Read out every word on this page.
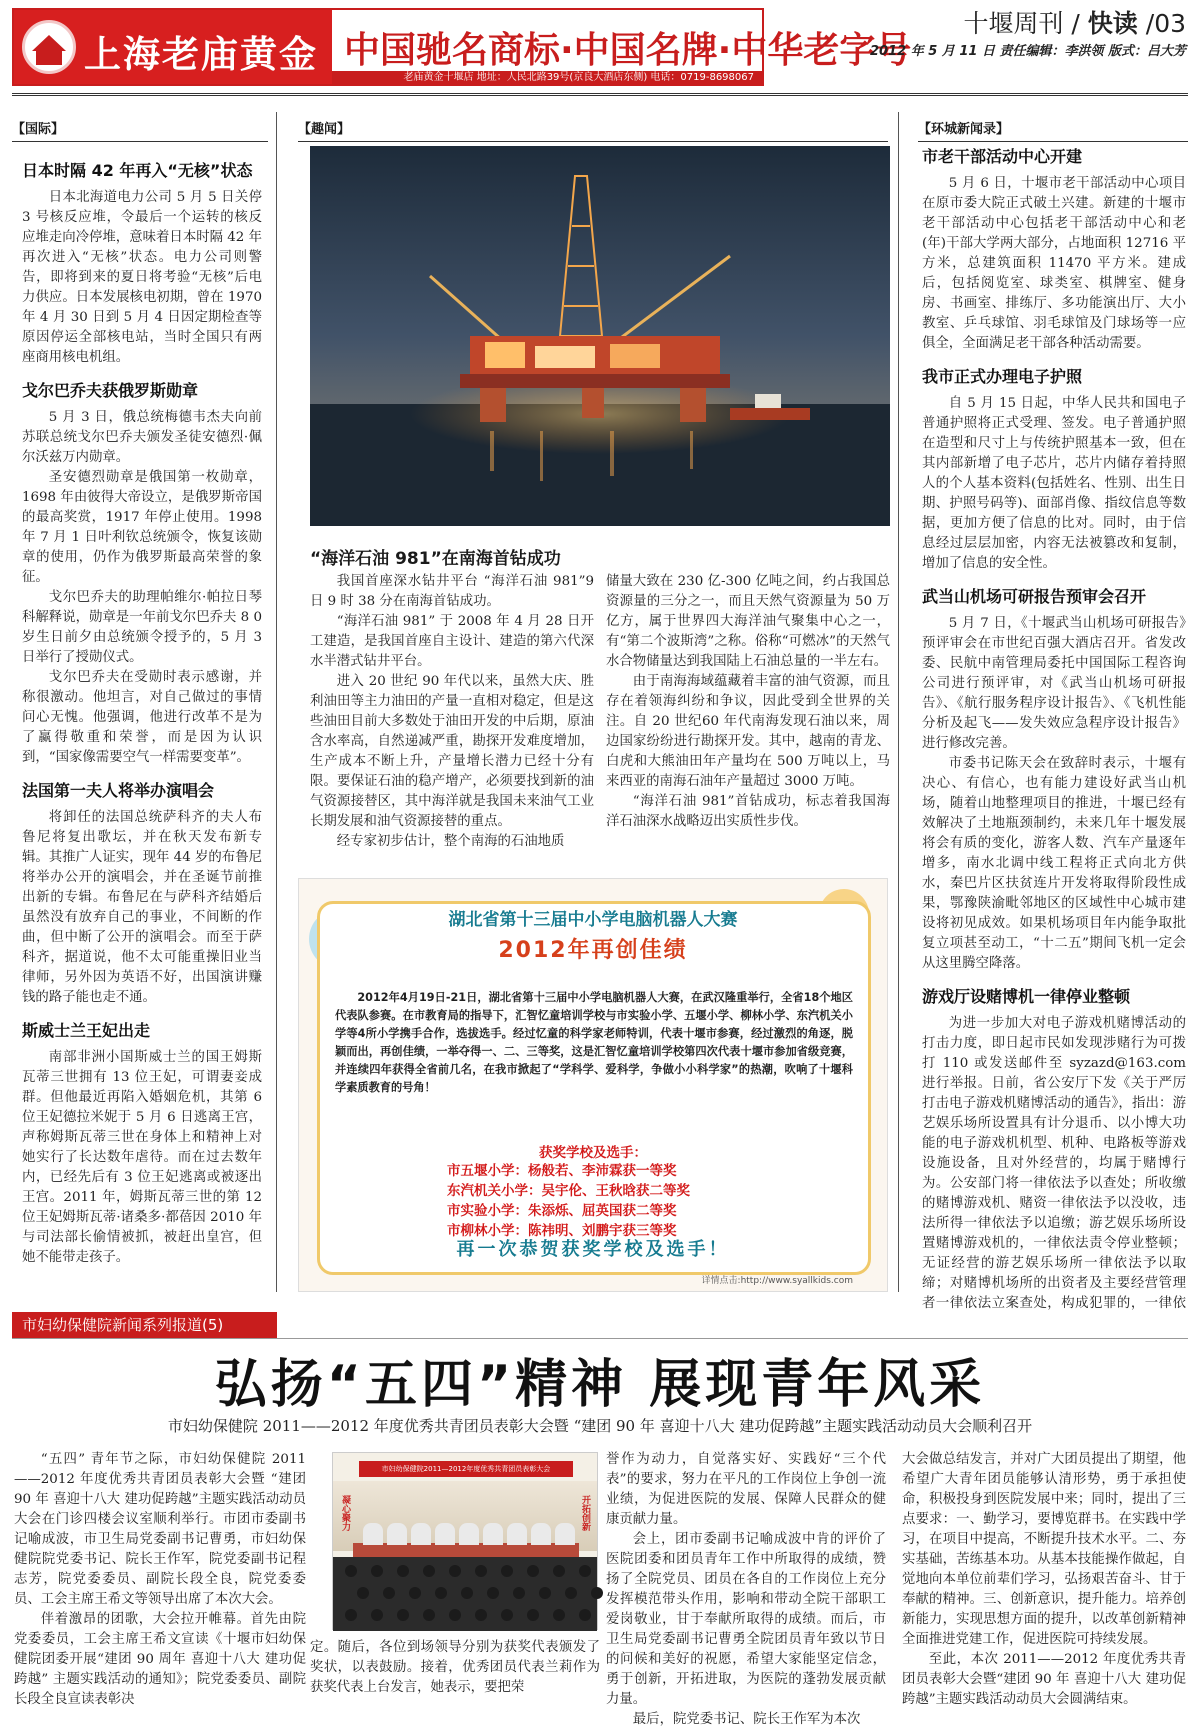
上海老庙黄金 中国驰名商标·中国名牌·中华老字号
老庙黄金十堰店 地址：人民北路39号(京良大酒店东侧) 电话：0719-8698067
十堰周刊 / 快读 /03
2012 年 5 月 11 日 责任编辑：李洪领 版式：吕大芳
【国际】
日本时隔 42 年再入“无核”状态

日本北海道电力公司 5 月 5 日关停 3 号核反应堆，令最后一个运转的核反应堆走向冷停堆，意味着日本时隔 42 年再次进入“无核”状态。电力公司则警告，即将到来的夏日将考验“无核”后电力供应。日本发展核电初期，曾在 1970 年 4 月 30 日到 5 月 4 日因定期检查等原因停运全部核电站，当时全国只有两座商用核电机组。

戈尔巴乔夫获俄罗斯勋章

5 月 3 日，俄总统梅德韦杰夫向前苏联总统戈尔巴乔夫颁发圣徒安德烈·佩尔沃兹万内勋章。

圣安德烈勋章是俄国第一枚勋章，1698 年由彼得大帝设立，是俄罗斯帝国的最高奖赏，1917 年停止使用。1998 年 7 月 1 日叶利钦总统颁令，恢复该勋章的使用，仍作为俄罗斯最高荣誉的象征。

戈尔巴乔夫的助理帕维尔·帕拉日琴科解释说，勋章是一年前戈尔巴乔夫 8 0 岁生日前夕由总统颁令授予的，5 月 3 日举行了授勋仪式。

戈尔巴乔夫在受勋时表示感谢，并称很激动。他坦言，对自己做过的事情问心无愧。他强调，他进行改革不是为了赢得敬重和荣誉，而是因为认识到，“国家像需要空气一样需要变革”。

法国第一夫人将举办演唱会

将卸任的法国总统萨科齐的夫人布鲁尼将复出歌坛，并在秋天发布新专辑。其推广人证实，现年 44 岁的布鲁尼将举办公开的演唱会，并在圣诞节前推出新的专辑。布鲁尼在与萨科齐结婚后虽然没有放弃自己的事业，不间断的作曲，但中断了公开的演唱会。而至于萨科齐，据道说，他不太可能重操旧业当律师，另外因为英语不好，出国演讲赚钱的路子能也走不通。

斯威士兰王妃出走

南部非洲小国斯威士兰的国王姆斯瓦蒂三世拥有 13 位王妃，可谓妻妾成群。但他最近再陷入婚姻危机，其第 6 位王妃德拉米妮于 5 月 6 日逃离王宫，声称姆斯瓦蒂三世在身体上和精神上对她实行了长达数年虐待。而在过去数年内，已经先后有 3 位王妃逃离或被逐出王宫。2011 年，姆斯瓦蒂三世的第 12 位王妃姆斯瓦蒂·诸桑多·都蓓因 2010 年与司法部长偷情被抓，被赶出皇宫，但她不能带走孩子。

【趣闻】
“海洋石油 981”在南海首钻成功

我国首座深水钻井平台 “海洋石油 981”9 日 9 时 38 分在南海首钻成功。

“海洋石油 981” 于 2008 年 4 月 28 日开工建造，是我国首座自主设计、建造的第六代深水半潜式钻井平台。

进入 20 世纪 90 年代以来，虽然大庆、胜利油田等主力油田的产量一直相对稳定，但是这些油田目前大多数处于油田开发的中后期，原油含水率高，自然递减严重，勘探开发难度增加，生产成本不断上升，产量增长潜力已经十分有限。要保证石油的稳产增产，必须要找到新的油气资源接替区，其中海洋就是我国未来油气工业长期发展和油气资源接替的重点。

经专家初步估计，整个南海的石油地质

储量大致在 230 亿-300 亿吨之间，约占我国总资源量的三分之一，而且天然气资源量为 50 万亿方，属于世界四大海洋油气聚集中心之一，有“第二个波斯湾”之称。俗称“可燃冰”的天然气水合物储量达到我国陆上石油总量的一半左右。

由于南海海域蕴藏着丰富的油气资源，而且存在着领海纠纷和争议，因此受到全世界的关注。自 20 世纪60 年代南海发现石油以来，周边国家纷纷进行勘探开发。其中，越南的青龙、白虎和大熊油田年产量均在 500 万吨以上，马来西亚的南海石油年产量超过 3000 万吨。

“海洋石油 981”首钻成功，标志着我国海洋石油深水战略迈出实质性步伐。

湖北省第十三届中小学电脑机器人大赛
2012年再创佳绩
2012年4月19日-21日，湖北省第十三届中小学电脑机器人大赛，在武汉隆重举行，全省18个地区代表队参赛。在市教育局的指导下，汇智忆童培训学校与市实验小学、五堰小学、柳林小学、东汽机关小学等4所小学携手合作，选拔选手。经过忆童的科学家老师特训，代表十堰市参赛，经过激烈的角逐，脱颖而出，再创佳绩，一举夺得一、二、三等奖，这是汇智忆童培训学校第四次代表十堰市参加省级竞赛，并连续四年获得全省前几名，在我市掀起了“学科学、爱科学，争做小小科学家”的热潮，吹响了十堰科学素质教育的号角！
获奖学校及选手：
市五堰小学：杨般若、李沛霖获一等奖
东汽机关小学：吴宇伦、王秋晗获二等奖
市实验小学：朱添烁、屈英国获二等奖
市柳林小学：陈祎明、刘鹏宇获三等奖
再一次恭贺获奖学校及选手！
详情点击:http://www.syallkids.com
【环城新闻录】
市老干部活动中心开建

5 月 6 日，十堰市老干部活动中心项目在原市委大院正式破土兴建。新建的十堰市老干部活动中心包括老干部活动中心和老(年)干部大学两大部分，占地面积 12716 平方米，总建筑面积 11470 平方米。建成后，包括阅览室、球类室、棋牌室、健身房、书画室、排练厅、多功能演出厅、大小教室、乒乓球馆、羽毛球馆及门球场等一应俱全，全面满足老干部各种活动需要。

我市正式办理电子护照

自 5 月 15 日起，中华人民共和国电子普通护照将正式受理、签发。电子普通护照在造型和尺寸上与传统护照基本一致，但在其内部新增了电子芯片，芯片内储存着持照人的个人基本资料(包括姓名、性别、出生日期、护照号码等)、面部肖像、指纹信息等数据，更加方便了信息的比对。同时，由于信息经过层层加密，内容无法被篡改和复制，增加了信息的安全性。

武当山机场可研报告预审会召开

5 月 7 日，《十堰武当山机场可研报告》预评审会在市世纪百强大酒店召开。省发改委、民航中南管理局委托中国国际工程咨询公司进行预评审，对《武当山机场可研报告》、《航行服务程序设计报告》、《飞机性能分析及起飞——发失效应急程序设计报告》进行修改完善。

市委书记陈天会在致辞时表示，十堰有决心、有信心，也有能力建设好武当山机场，随着山地整理项目的推进，十堰已经有效解决了土地瓶颈制约，未来几年十堰发展将会有质的变化，游客人数、汽车产量逐年增多，南水北调中线工程将正式向北方供水，秦巴片区扶贫连片开发将取得阶段性成果，鄂豫陕渝毗邻地区的区域性中心城市建设将初见成效。如果机场项目年内能争取批复立项甚至动工，“十二五”期间飞机一定会从这里腾空降落。

游戏厅设赌博机一律停业整顿

为进一步加大对电子游戏机赌博活动的打击力度，即日起市民如发现涉赌行为可拨打 110 或发送邮件至 syzazd@163.com 进行举报。日前，省公安厅下发《关于严厉打击电子游戏机赌博活动的通告》，指出：游艺娱乐场所设置具有计分退币、以小博大功能的电子游戏机机型、机种、电路板等游戏设施设备，且对外经营的，均属于赌博行为。公安部门将一律依法予以查处；所收缴的赌博游戏机、赌资一律依法予以没收，违法所得一律依法予以追缴；游艺娱乐场所设置赌博游戏机的，一律依法责令停业整顿；无证经营的游艺娱乐场所一律依法予以取缔；对赌博机场所的出资者及主要经营管理者一律依法立案查处，构成犯罪的，一律依

市妇幼保健院新闻系列报道(5)
弘扬“五四”精神 展现青年风采
市妇幼保健院 2011——2012 年度优秀共青团员表彰大会暨 “建团 90 年 喜迎十八大 建功促跨越”主题实践活动动员大会顺利召开

“五四” 青年节之际，市妇幼保健院 2011——2012 年度优秀共青团员表彰大会暨 “建团 90 年 喜迎十八大 建功促跨越”主题实践活动动员大会在门诊四楼会议室顺利举行。市团市委副书记喻成波，市卫生局党委副书记曹勇，市妇幼保健院院党委书记、院长王作军，院党委副书记程志芳，院党委委员、副院长段全良，院党委委员、工会主席王希文等领导出席了本次大会。

伴着激昂的团歌，大会拉开帷幕。首先由院党委委员，工会主席王希文宣读《十堰市妇幼保健院团委开展“建团 90 周年 喜迎十八大 建功促跨越” 主题实践活动的通知》；院党委委员、副院长段全良宣读表彰决

市妇幼保健院2011—2012年度优秀共青团员表彰大会
凝心聚力	开拓创新

定。随后，各位到场领导分别为获奖代表颁发了奖状，以表鼓励。接着，优秀团员代表兰莉作为获奖代表上台发言，她表示，要把荣

誉作为动力，自觉落实好、实践好“三个代表”的要求，努力在平凡的工作岗位上争创一流业绩，为促进医院的发展、保障人民群众的健康贡献力量。

会上，团市委副书记喻成波中肯的评价了医院团委和团员青年工作中所取得的成绩，赞扬了全院党员、团员在各自的工作岗位上充分发挥模范带头作用，影响和带动全院干部职工爱岗敬业，甘于奉献所取得的成绩。而后，市卫生局党委副书记曹勇全院团员青年致以节日的问候和美好的祝愿，希望大家能坚定信念，勇于创新，开拓进取，为医院的蓬勃发展贡献力量。

最后，院党委书记、院长王作军为本次

大会做总结发言，并对广大团员提出了期望，他希望广大青年团员能够认清形势，勇于承担使命，积极投身到医院发展中来；同时，提出了三点要求：一、勤学习，要博览群书。在实践中学习，在项目中提高，不断提升技术水平。二、夯实基础，苦练基本功。从基本技能操作做起，自觉地向本单位前辈们学习，弘扬艰苦奋斗、甘于奉献的精神。三、创新意识，提升能力。培养创新能力，实现思想方面的提升，以改革创新精神全面推进党建工作，促进医院可持续发展。

至此，本次 2011——2012 年度优秀共青团员表彰大会暨“建团 90 年 喜迎十八大 建功促跨越”主题实践活动动员大会圆满结束。
